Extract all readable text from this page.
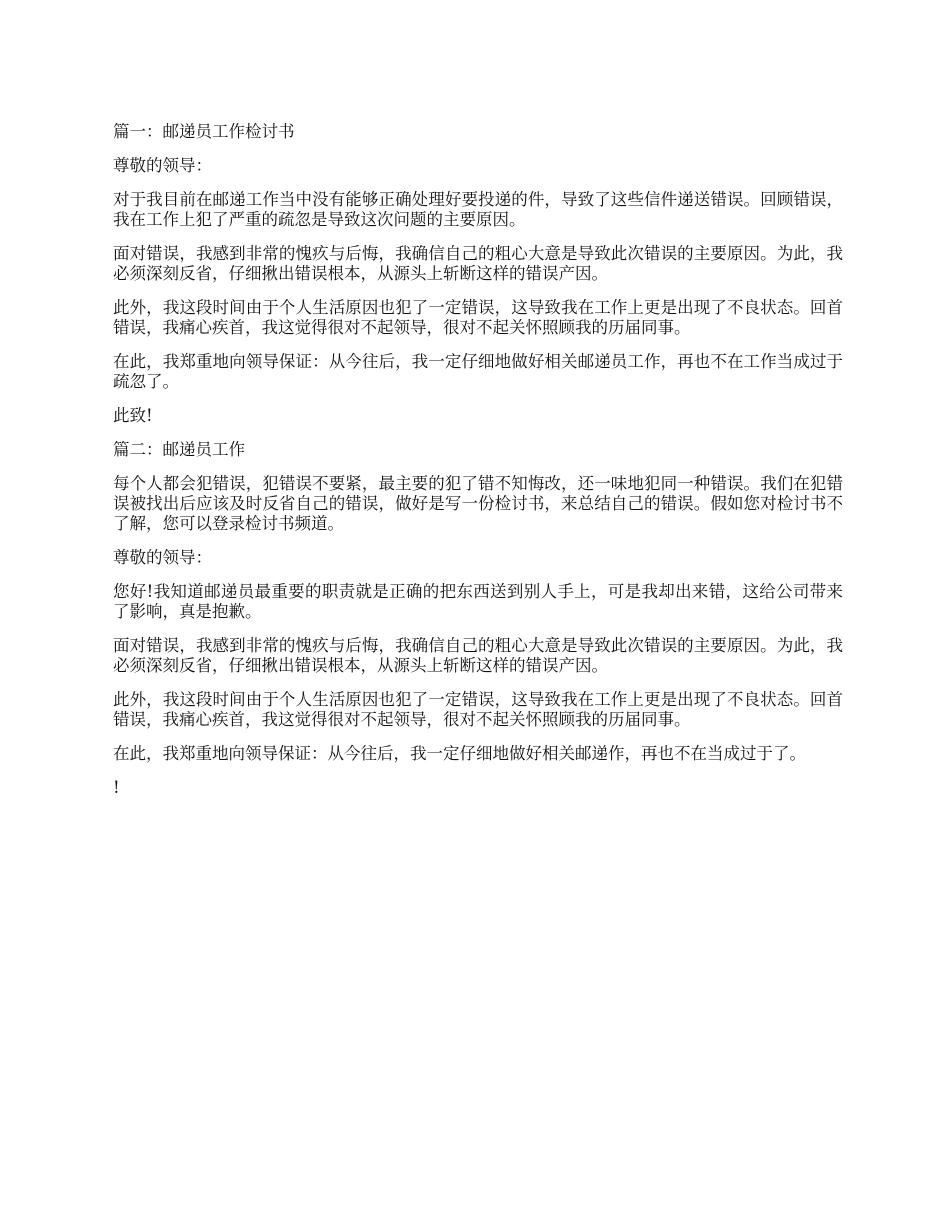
篇一：邮递员工作检讨书

尊敬的领导：

对于我目前在邮递工作当中没有能够正确处理好要投递的件，导致了这些信件递送错误。回顾错误，我在工作上犯了严重的疏忽是导致这次问题的主要原因。

面对错误，我感到非常的愧疚与后悔，我确信自己的粗心大意是导致此次错误的主要原因。为此，我必须深刻反省，仔细揪出错误根本，从源头上斩断这样的错误产因。

此外，我这段时间由于个人生活原因也犯了一定错误，这导致我在工作上更是出现了不良状态。回首错误，我痛心疾首，我这觉得很对不起领导，很对不起关怀照顾我的历届同事。

在此，我郑重地向领导保证：从今往后，我一定仔细地做好相关邮递员工作，再也不在工作当成过于疏忽了。

此致!

篇二：邮递员工作

每个人都会犯错误，犯错误不要紧，最主要的犯了错不知悔改，还一味地犯同一种错误。我们在犯错误被找出后应该及时反省自己的错误，做好是写一份检讨书，来总结自己的错误。假如您对检讨书不了解，您可以登录检讨书频道。

尊敬的领导：

您好!我知道邮递员最重要的职责就是正确的把东西送到别人手上，可是我却出来错，这给公司带来了影响，真是抱歉。

面对错误，我感到非常的愧疚与后悔，我确信自己的粗心大意是导致此次错误的主要原因。为此，我必须深刻反省，仔细揪出错误根本，从源头上斩断这样的错误产因。

此外，我这段时间由于个人生活原因也犯了一定错误，这导致我在工作上更是出现了不良状态。回首错误，我痛心疾首，我这觉得很对不起领导，很对不起关怀照顾我的历届同事。

在此，我郑重地向领导保证：从今往后，我一定仔细地做好相关邮递作，再也不在当成过于了。

!
